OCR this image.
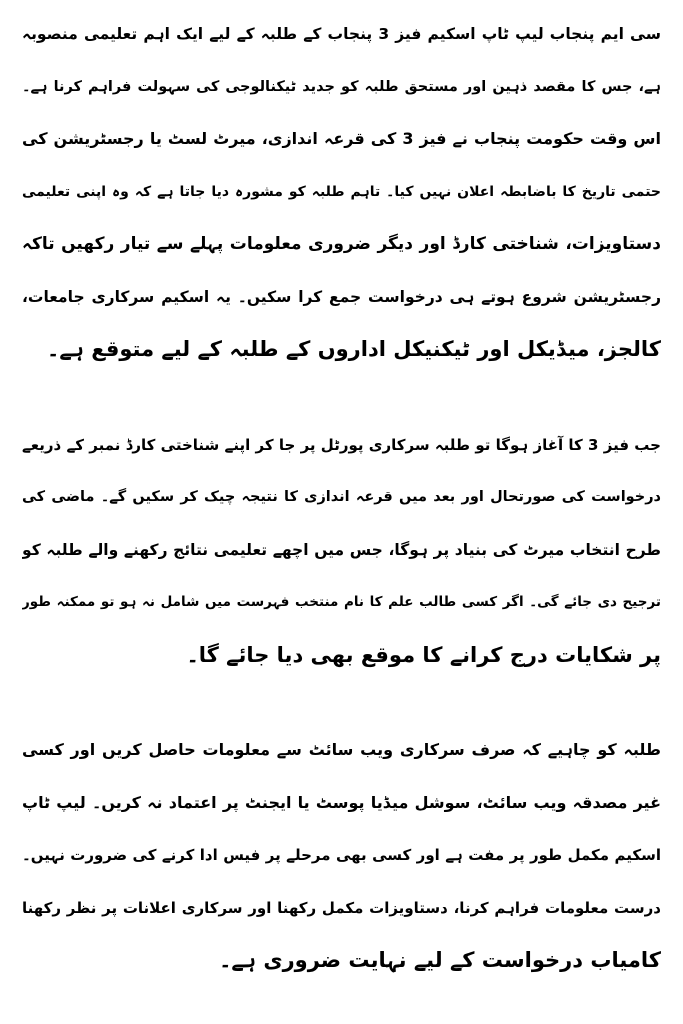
سی ایم پنجاب لیپ ٹاپ اسکیم فیز 3 پنجاب کے طلبہ کے لیے ایک اہم تعلیمی منصوبہ
ہے، جس کا مقصد ذہین اور مستحق طلبہ کو جدید ٹیکنالوجی کی سہولت فراہم کرنا ہے۔
اس وقت حکومت پنجاب نے فیز 3 کی قرعہ اندازی، میرٹ لسٹ یا رجسٹریشن کی
حتمی تاریخ کا باضابطہ اعلان نہیں کیا۔ تاہم طلبہ کو مشورہ دیا جاتا ہے کہ وہ اپنی تعلیمی
دستاویزات، شناختی کارڈ اور دیگر ضروری معلومات پہلے سے تیار رکھیں تاکہ
رجسٹریشن شروع ہوتے ہی درخواست جمع کرا سکیں۔ یہ اسکیم سرکاری جامعات،
کالجز، میڈیکل اور ٹیکنیکل اداروں کے طلبہ کے لیے متوقع ہے۔
جب فیز 3 کا آغاز ہوگا تو طلبہ سرکاری پورٹل پر جا کر اپنے شناختی کارڈ نمبر کے ذریعے
درخواست کی صورتحال اور بعد میں قرعہ اندازی کا نتیجہ چیک کر سکیں گے۔ ماضی کی
طرح انتخاب میرٹ کی بنیاد پر ہوگا، جس میں اچھے تعلیمی نتائج رکھنے والے طلبہ کو
ترجیح دی جائے گی۔ اگر کسی طالب علم کا نام منتخب فہرست میں شامل نہ ہو تو ممکنہ طور
پر شکایات درج کرانے کا موقع بھی دیا جائے گا۔
طلبہ کو چاہیے کہ صرف سرکاری ویب سائٹ سے معلومات حاصل کریں اور کسی
غیر مصدقہ ویب سائٹ، سوشل میڈیا پوسٹ یا ایجنٹ پر اعتماد نہ کریں۔ لیپ ٹاپ
اسکیم مکمل طور پر مفت ہے اور کسی بھی مرحلے پر فیس ادا کرنے کی ضرورت نہیں۔
درست معلومات فراہم کرنا، دستاویزات مکمل رکھنا اور سرکاری اعلانات پر نظر رکھنا
کامیاب درخواست کے لیے نہایت ضروری ہے۔
